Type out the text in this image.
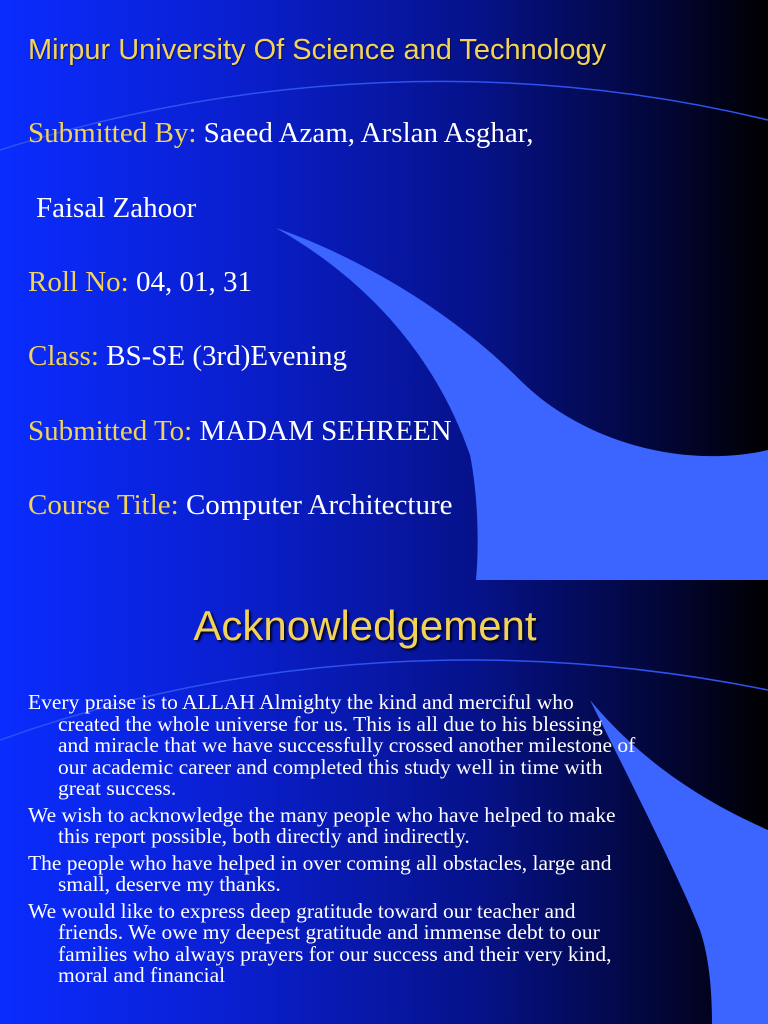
Mirpur University Of Science and Technology
Submitted By: Saeed Azam, Arslan Asghar,
Faisal Zahoor
Roll No: 04, 01, 31
Class: BS-SE (3rd)Evening
Submitted To: MADAM SEHREEN
Course Title: Computer Architecture
Acknowledgement

Every praise is to ALLAH Almighty the kind and merciful who created the whole universe for us. This is all due to his blessing and miracle that we have successfully crossed another milestone of our academic career and completed this study well in time with great success.

We wish to acknowledge the many people who have helped to make this report possible, both directly and indirectly.

The people who have helped in over coming all obstacles, large and small, deserve my thanks.

We would like to express deep gratitude toward our teacher and friends. We owe my deepest gratitude and immense debt to our families who always prayers for our success and their very kind, moral and financial
